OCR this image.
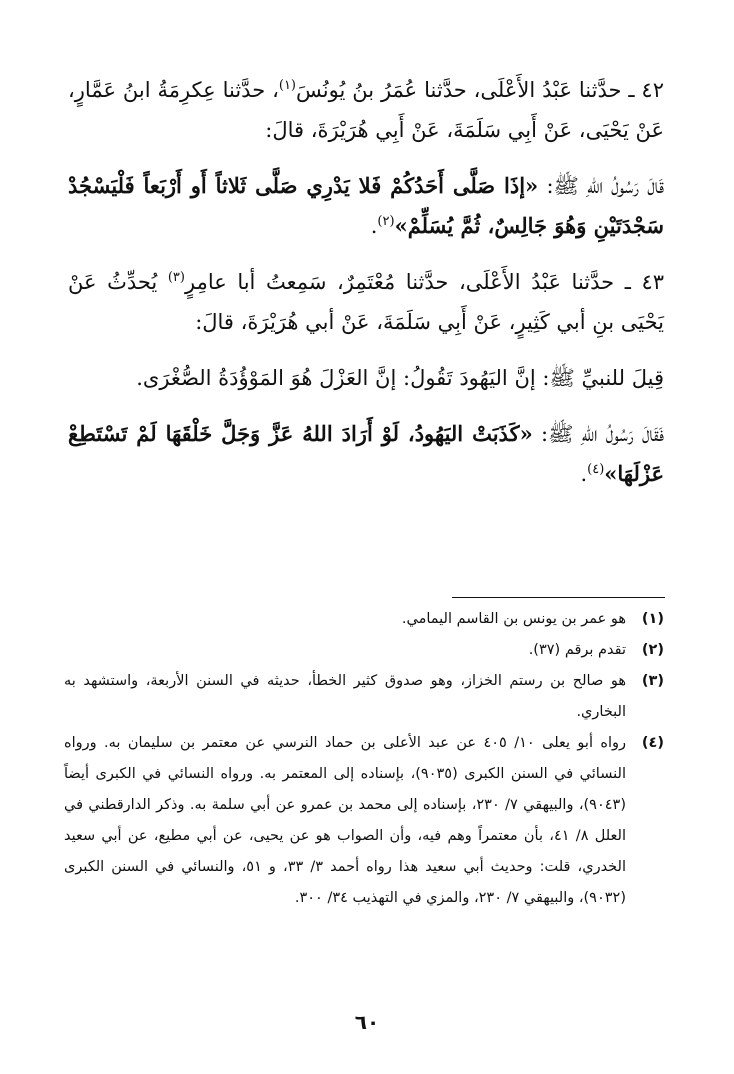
٤٢ ـ حدَّثنا عَبْدُ الأَعْلَى، حدَّثنا عُمَرُ بنُ يُونُسَ$^{(١)}$، حدَّثنا عِكرِمَةُ ابنُ عَمَّارٍ، عَنْ يَحْيَى، عَنْ أَبِي سَلَمَةَ، عَنْ أَبِي هُرَيْرَةَ، قالَ:

قَالَ رَسُولُ اللهِ ﷺ: «إذَا صَلَّى أَحَدُكُمْ فَلا يَدْرِي صَلَّى ثَلاثاً أَو أَرْبَعاً فَلْيَسْجُدْ سَجْدَتَيْنِ وَهُوَ جَالِسٌ، ثُمَّ يُسَلِّمْ»$^{(٢)}$.

٤٣ ـ حدَّثنا عَبْدُ الأَعْلَى، حدَّثنا مُعْتَمِرٌ، سَمِعتُ أبا عامِرٍ$^{(٣)}$ يُحدِّثُ عَنْ يَحْيَى بنِ أبي كَثِيرٍ، عَنْ أَبِي سَلَمَةَ، عَنْ أبي هُرَيْرَةَ، قالَ:

قِيلَ للنبيِّ ﷺ: إنَّ اليَهُودَ تَقُولُ: إنَّ العَزْلَ هُوَ المَوْؤُدَةُ الصُّغْرَى.

فَقَالَ رَسُولُ اللهِ ﷺ: «كَذَبَتْ اليَهُودُ، لَوْ أَرَادَ اللهُ عَزَّ وَجَلَّ خَلْقَهَا لَمْ تَسْتَطِعْ عَزْلَهَا»$^{(٤)}$.

(١)
هو عمر بن يونس بن القاسم اليمامي.
(٢)
تقدم برقم (٣٧).
(٣)
هو صالح بن رستم الخزاز، وهو صدوق كثير الخطأ، حديثه في السنن الأربعة، واستشهد به البخاري.
(٤)
رواه أبو يعلى ١٠/ ٤٠٥ عن عبد الأعلى بن حماد النرسي عن معتمر بن سليمان به. ورواه النسائي في السنن الكبرى (٩٠٣٥)، بإسناده إلى المعتمر به. ورواه النسائي في الكبرى أيضاً (٩٠٤٣)، والبيهقي ٧/ ٢٣٠، بإسناده إلى محمد بن عمرو عن أبي سلمة به. وذكر الدارقطني في العلل ٨/ ٤١، بأن معتمراً وهم فيه، وأن الصواب هو عن يحيى، عن أبي مطيع، عن أبي سعيد الخدري، قلت: وحديث أبي سعيد هذا رواه أحمد ٣/ ٣٣، و ٥١، والنسائي في السنن الكبرى (٩٠٣٢)، والبيهقي ٧/ ٢٣٠، والمزي في التهذيب ٣٤/ ٣٠٠.
٦٠
